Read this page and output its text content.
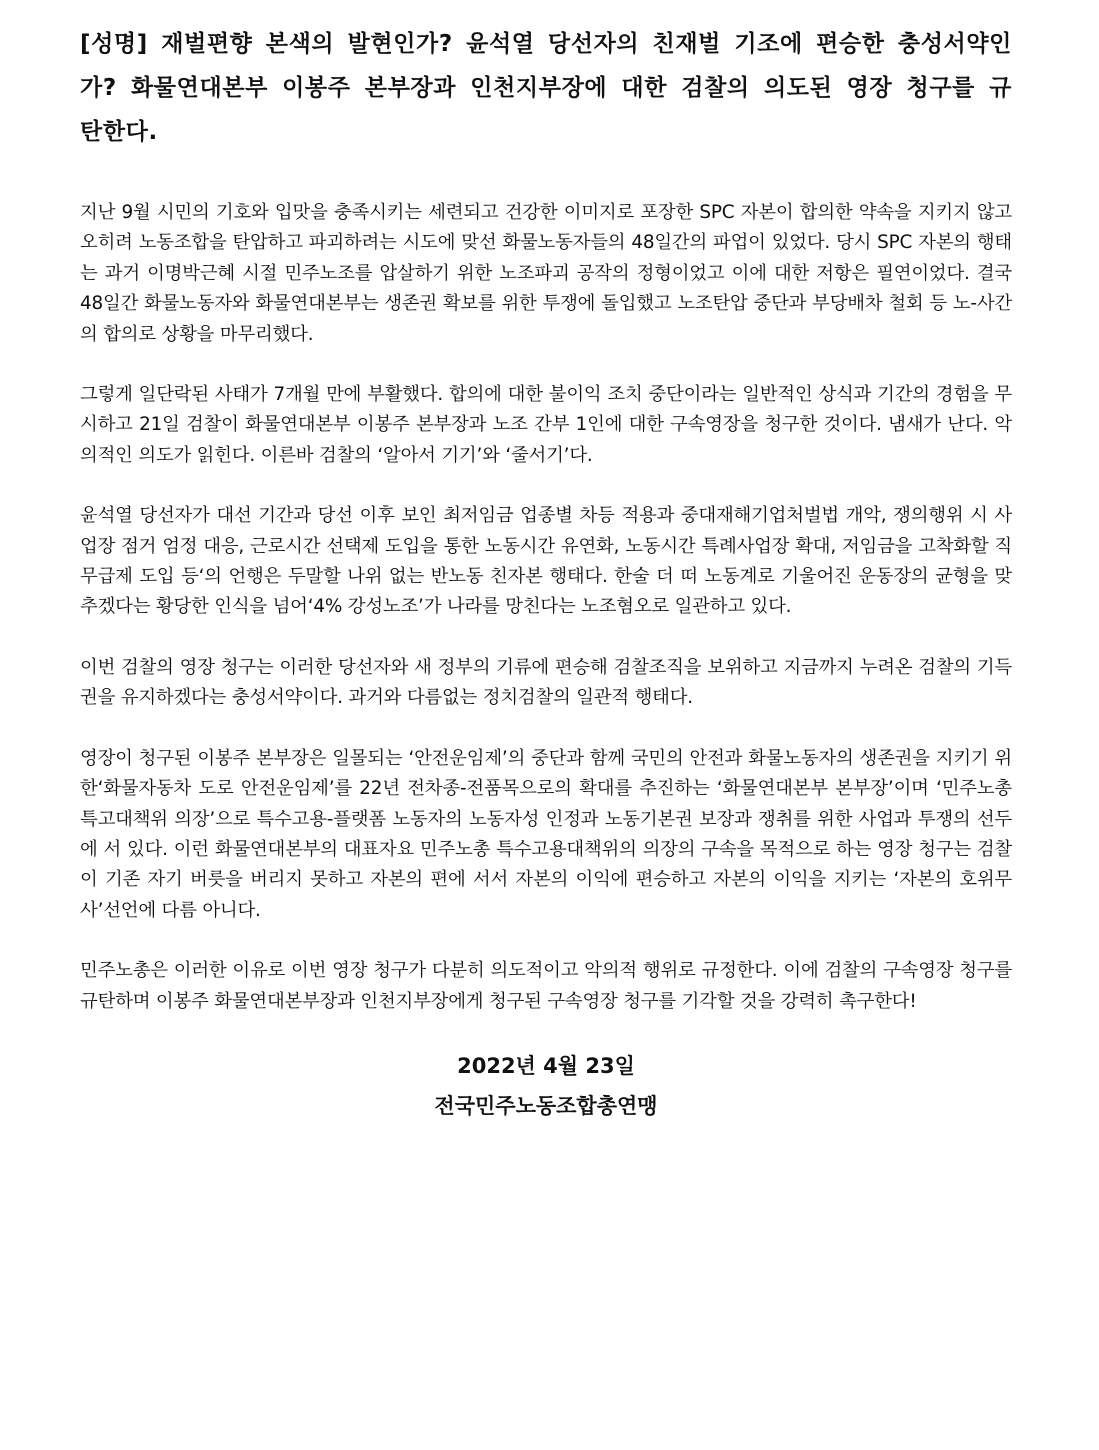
[성명] 재벌편향 본색의 발현인가? 윤석열 당선자의 친재벌 기조에 편승한 충성서약인가? 화물연대본부 이봉주 본부장과 인천지부장에 대한 검찰의 의도된 영장 청구를 규탄한다.

지난 9월 시민의 기호와 입맛을 충족시키는 세련되고 건강한 이미지로 포장한 SPC 자본이 합의한 약속을 지키지 않고 오히려 노동조합을 탄압하고 파괴하려는 시도에 맞선 화물노동자들의 48일간의 파업이 있었다. 당시 SPC 자본의 행태는 과거 이명박근혜 시절 민주노조를 압살하기 위한 노조파괴 공작의 정형이었고 이에 대한 저항은 필연이었다. 결국 48일간 화물노동자와 화물연대본부는 생존권 확보를 위한 투쟁에 돌입했고 노조탄압 중단과 부당배차 철회 등 노-사간의 합의로 상황을 마무리했다.

그렇게 일단락된 사태가 7개월 만에 부활했다. 합의에 대한 불이익 조치 중단이라는 일반적인 상식과 기간의 경험을 무시하고 21일 검찰이 화물연대본부 이봉주 본부장과 노조 간부 1인에 대한 구속영장을 청구한 것이다. 냄새가 난다. 악의적인 의도가 읽힌다. 이른바 검찰의 ‘알아서 기기’와 ‘줄서기’다.

윤석열 당선자가 대선 기간과 당선 이후 보인 최저임금 업종별 차등 적용과 중대재해기업처벌법 개악, 쟁의행위 시 사업장 점거 엄정 대응, 근로시간 선택제 도입을 통한 노동시간 유연화, 노동시간 특례사업장 확대, 저임금을 고착화할 직무급제 도입 등‘의 언행은 두말할 나위 없는 반노동 친자본 행태다. 한술 더 떠 노동계로 기울어진 운동장의 균형을 맞추겠다는 황당한 인식을 넘어‘4% 강성노조’가 나라를 망친다는 노조혐오로 일관하고 있다.

이번 검찰의 영장 청구는 이러한 당선자와 새 정부의 기류에 편승해 검찰조직을 보위하고 지금까지 누려온 검찰의 기득권을 유지하겠다는 충성서약이다. 과거와 다름없는 정치검찰의 일관적 행태다.

영장이 청구된 이봉주 본부장은 일몰되는 ‘안전운임제’의 중단과 함께 국민의 안전과 화물노동자의 생존권을 지키기 위한‘화물자동차 도로 안전운임제’를 22년 전차종-전품목으로의 확대를 추진하는 ‘화물연대본부 본부장’이며 ‘민주노총 특고대책위 의장’으로 특수고용-플랫폼 노동자의 노동자성 인정과 노동기본권 보장과 쟁취를 위한 사업과 투쟁의 선두에 서 있다. 이런 화물연대본부의 대표자요 민주노총 특수고용대책위의 의장의 구속을 목적으로 하는 영장 청구는 검찰이 기존 자기 버릇을 버리지 못하고 자본의 편에 서서 자본의 이익에 편승하고 자본의 이익을 지키는 ‘자본의 호위무사’선언에 다름 아니다.

민주노총은 이러한 이유로 이번 영장 청구가 다분히 의도적이고 악의적 행위로 규정한다. 이에 검찰의 구속영장 청구를 규탄하며 이봉주 화물연대본부장과 인천지부장에게 청구된 구속영장 청구를 기각할 것을 강력히 촉구한다!

2022년 4월 23일
전국민주노동조합총연맹
